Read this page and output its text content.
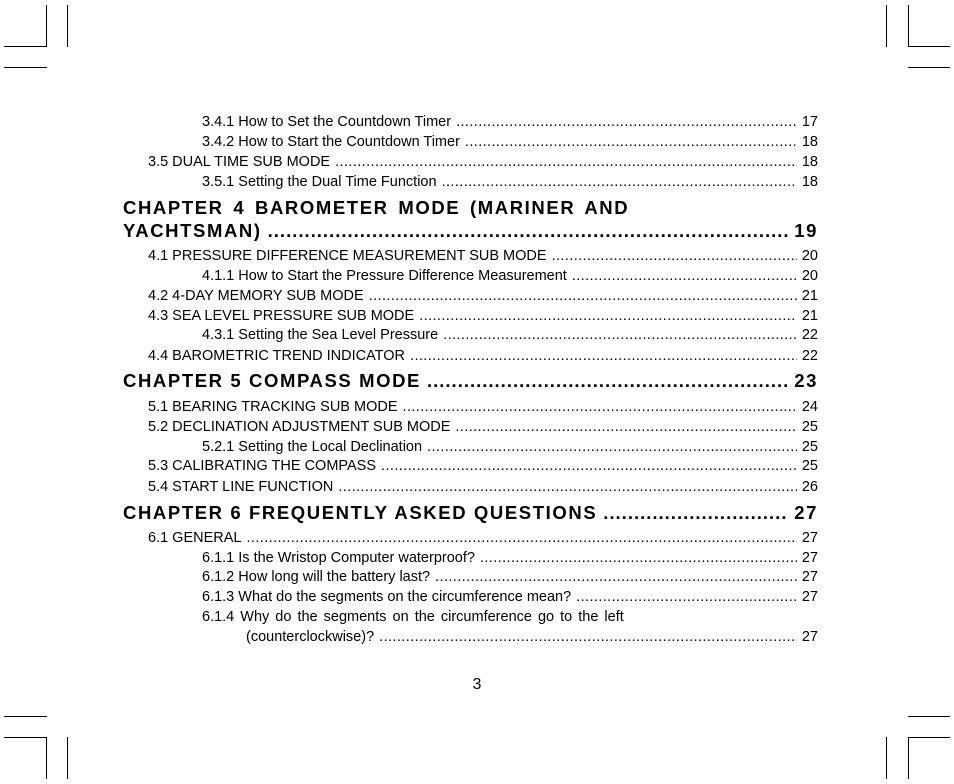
3.4.1 How to Set the Countdown Timer .....	17
3.4.2 How to Start the Countdown Timer .....	18
3.5 DUAL TIME SUB MODE .....	18
3.5.1 Setting the Dual Time Function .....	18
CHAPTER 4 BAROMETER MODE (MARINER AND
YACHTSMAN) .....	19
4.1 PRESSURE DIFFERENCE MEASUREMENT SUB MODE .....	20
4.1.1 How to Start the Pressure Difference Measurement .....	20
4.2 4-DAY MEMORY SUB MODE .....	21
4.3 SEA LEVEL PRESSURE SUB MODE .....	21
4.3.1 Setting the Sea Level Pressure .....	22
4.4 BAROMETRIC TREND INDICATOR .....	22
CHAPTER 5 COMPASS MODE .....	23
5.1 BEARING TRACKING SUB MODE .....	24
5.2 DECLINATION ADJUSTMENT SUB MODE .....	25
5.2.1 Setting the Local Declination .....	25
5.3 CALIBRATING THE COMPASS .....	25
5.4 START LINE FUNCTION .....	26
CHAPTER 6 FREQUENTLY ASKED QUESTIONS .....	27
6.1 GENERAL .....	27
6.1.1 Is the Wristop Computer waterproof? .....	27
6.1.2 How long will the battery last? .....	27
6.1.3 What do the segments on the circumference mean? .....	27
6.1.4 Why do the segments on the circumference go to the left
(counterclockwise)? .....	27
3
